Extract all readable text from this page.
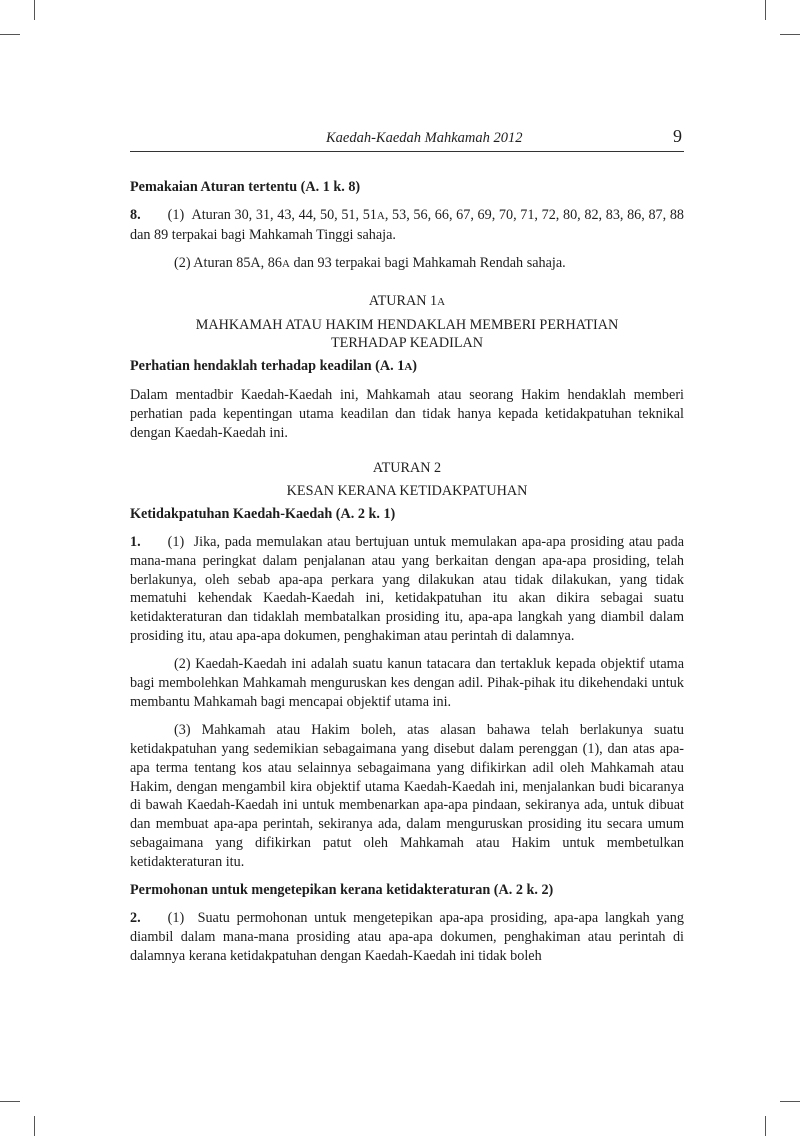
Kaedah-Kaedah Mahkamah 2012	9

Pemakaian Aturan tertentu (A. 1 k. 8)

8. (1) Aturan 30, 31, 43, 44, 50, 51, 51A, 53, 56, 66, 67, 69, 70, 71, 72, 80, 82, 83, 86, 87, 88 dan 89 terpakai bagi Mahkamah Tinggi sahaja.

(2) Aturan 85A, 86A dan 93 terpakai bagi Mahkamah Rendah sahaja.

ATURAN 1A

MAHKAMAH ATAU HAKIM HENDAKLAH MEMBERI PERHATIAN

TERHADAP KEADILAN

Perhatian hendaklah terhadap keadilan (A. 1A)

Dalam mentadbir Kaedah-Kaedah ini, Mahkamah atau seorang Hakim hendaklah memberi perhatian pada kepentingan utama keadilan dan tidak hanya kepada ketidakpatuhan teknikal dengan Kaedah-Kaedah ini.

ATURAN 2

KESAN KERANA KETIDAKPATUHAN

Ketidakpatuhan Kaedah-Kaedah (A. 2 k. 1)

1. (1) Jika, pada memulakan atau bertujuan untuk memulakan apa-apa prosiding atau pada mana-mana peringkat dalam penjalanan atau yang berkaitan dengan apa-apa prosiding, telah berlakunya, oleh sebab apa-apa perkara yang dilakukan atau tidak dilakukan, yang tidak mematuhi kehendak Kaedah-Kaedah ini, ketidakpatuhan itu akan dikira sebagai suatu ketidakteraturan dan tidaklah membatalkan prosiding itu, apa-apa langkah yang diambil dalam prosiding itu, atau apa-apa dokumen, penghakiman atau perintah di dalamnya.

(2) Kaedah-Kaedah ini adalah suatu kanun tatacara dan tertakluk kepada objektif utama bagi membolehkan Mahkamah menguruskan kes dengan adil. Pihak-pihak itu dikehendaki untuk membantu Mahkamah bagi mencapai objektif utama ini.

(3) Mahkamah atau Hakim boleh, atas alasan bahawa telah berlakunya suatu ketidakpatuhan yang sedemikian sebagaimana yang disebut dalam perenggan (1), dan atas apa-apa terma tentang kos atau selainnya sebagaimana yang difikirkan adil oleh Mahkamah atau Hakim, dengan mengambil kira objektif utama Kaedah-Kaedah ini, menjalankan budi bicaranya di bawah Kaedah-Kaedah ini untuk membenarkan apa-apa pindaan, sekiranya ada, untuk dibuat dan membuat apa-apa perintah, sekiranya ada, dalam menguruskan prosiding itu secara umum sebagaimana yang difikirkan patut oleh Mahkamah atau Hakim untuk membetulkan ketidakteraturan itu.

Permohonan untuk mengetepikan kerana ketidakteraturan (A. 2 k. 2)

2. (1) Suatu permohonan untuk mengetepikan apa-apa prosiding, apa-apa langkah yang diambil dalam mana-mana prosiding atau apa-apa dokumen, penghakiman atau perintah di dalamnya kerana ketidakpatuhan dengan Kaedah-Kaedah ini tidak boleh
